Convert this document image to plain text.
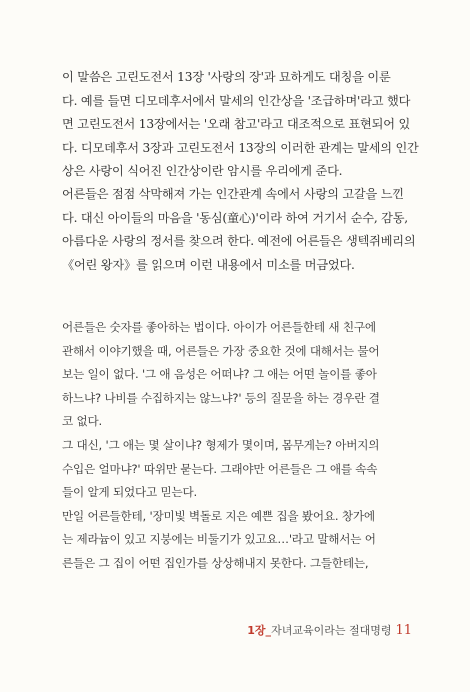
이 말씀은 고린도전서 13장 '사랑의 장'과 묘하게도 대칭을 이룬
다. 예를 들면 디모데후서에서 말세의 인간상을 '조급하며'라고 했다
면 고린도전서 13장에서는 '오래 참고'라고 대조적으로 표현되어 있
다. 디모데후서 3장과 고린도전서 13장의 이러한 관계는 말세의 인간
상은 사랑이 식어진 인간상이란 암시를 우리에게 준다.
어른들은 점점 삭막해져 가는 인간관계 속에서 사랑의 고갈을 느낀
다. 대신 아이들의 마음을 '동심(童心)'이라 하여 거기서 순수, 감동,
아름다운 사랑의 정서를 찾으려 한다. 예전에 어른들은 생텍쥐베리의
《어린 왕자》를 읽으며 이런 내용에서 미소를 머금었다.
어른들은 숫자를 좋아하는 법이다. 아이가 어른들한테 새 친구에
관해서 이야기했을 때, 어른들은 가장 중요한 것에 대해서는 물어
보는 일이 없다. '그 애 음성은 어떠냐? 그 애는 어떤 놀이를 좋아
하느냐? 나비를 수집하지는 않느냐?' 등의 질문을 하는 경우란 결
코 없다.
그 대신, '그 애는 몇 살이냐? 형제가 몇이며, 몸무게는? 아버지의
수입은 얼마냐?' 따위만 묻는다. 그래야만 어른들은 그 애를 속속
들이 알게 되었다고 믿는다.
만일 어른들한테, '장미빛 벽돌로 지은 예쁜 집을 봤어요. 창가에
는 제라늄이 있고 지붕에는 비둘기가 있고요…'라고 말해서는 어
른들은 그 집이 어떤 집인가를 상상해내지 못한다. 그들한테는,
1장_자녀교육이라는 절대명령 11
